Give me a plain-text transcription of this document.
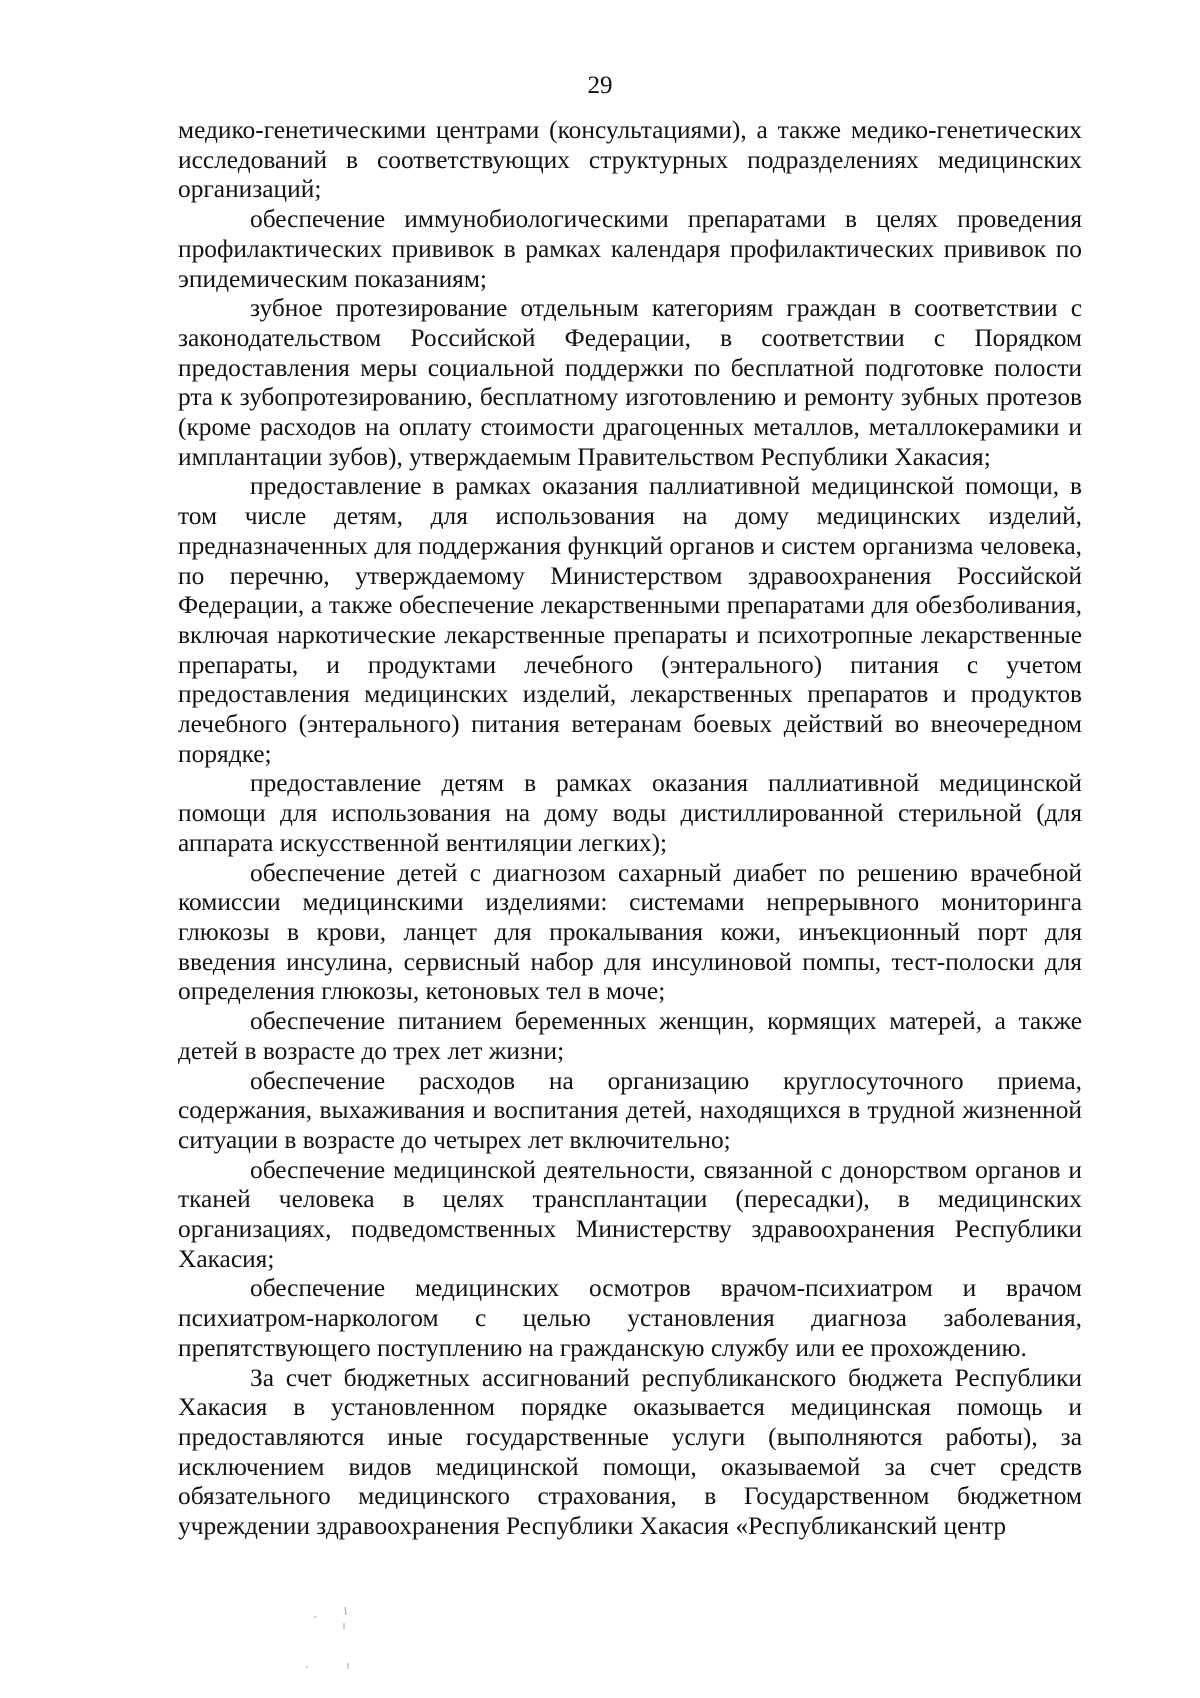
29

медико-генетическими центрами (консультациями), а также медико-генетических исследований в соответствующих структурных подразделениях медицинских организаций;

обеспечение иммунобиологическими препаратами в целях проведения профилактических прививок в рамках календаря профилактических прививок по эпидемическим показаниям;

зубное протезирование отдельным категориям граждан в соответствии с законодательством Российской Федерации, в соответствии с Порядком предоставления меры социальной поддержки по бесплатной подготовке полости рта к зубопротезированию, бесплатному изготовлению и ремонту зубных протезов (кроме расходов на оплату стоимости драгоценных металлов, металлокерамики и имплантации зубов), утверждаемым Правительством Республики Хакасия;

предоставление в рамках оказания паллиативной медицинской помощи, в том числе детям, для использования на дому медицинских изделий, предназначенных для поддержания функций органов и систем организма человека, по перечню, утверждаемому Министерством здравоохранения Российской Федерации, а также обеспечение лекарственными препаратами для обезболивания, включая наркотические лекарственные препараты и психотропные лекарственные препараты, и продуктами лечебного (энтерального) питания с учетом предоставления медицинских изделий, лекарственных препаратов и продуктов лечебного (энтерального) питания ветеранам боевых действий во внеочередном порядке;

предоставление детям в рамках оказания паллиативной медицинской помощи для использования на дому воды дистиллированной стерильной (для аппарата искусственной вентиляции легких);

обеспечение детей с диагнозом сахарный диабет по решению врачебной комиссии медицинскими изделиями: системами непрерывного мониторинга глюкозы в крови, ланцет для прокалывания кожи, инъекционный порт для введения инсулина, сервисный набор для инсулиновой помпы, тест-полоски для определения глюкозы, кетоновых тел в моче;

обеспечение питанием беременных женщин, кормящих матерей, а также детей в возрасте до трех лет жизни;

обеспечение расходов на организацию круглосуточного приема, содержания, выхаживания и воспитания детей, находящихся в трудной жизненной ситуации в возрасте до четырех лет включительно;

обеспечение медицинской деятельности, связанной с донорством органов и тканей человека в целях трансплантации (пересадки), в медицинских организациях, подведомственных Министерству здравоохранения Республики Хакасия;

обеспечение медицинских осмотров врачом-психиатром и врачом психиатром-наркологом с целью установления диагноза заболевания, препятствующего поступлению на гражданскую службу или ее прохождению.

За счет бюджетных ассигнований республиканского бюджета Республики Хакасия в установленном порядке оказывается медицинская помощь и предоставляются иные государственные услуги (выполняются работы), за исключением видов медицинской помощи, оказываемой за счет средств обязательного медицинского страхования, в Государственном бюджетном учреждении здравоохранения Республики Хакасия «Республиканский центр
